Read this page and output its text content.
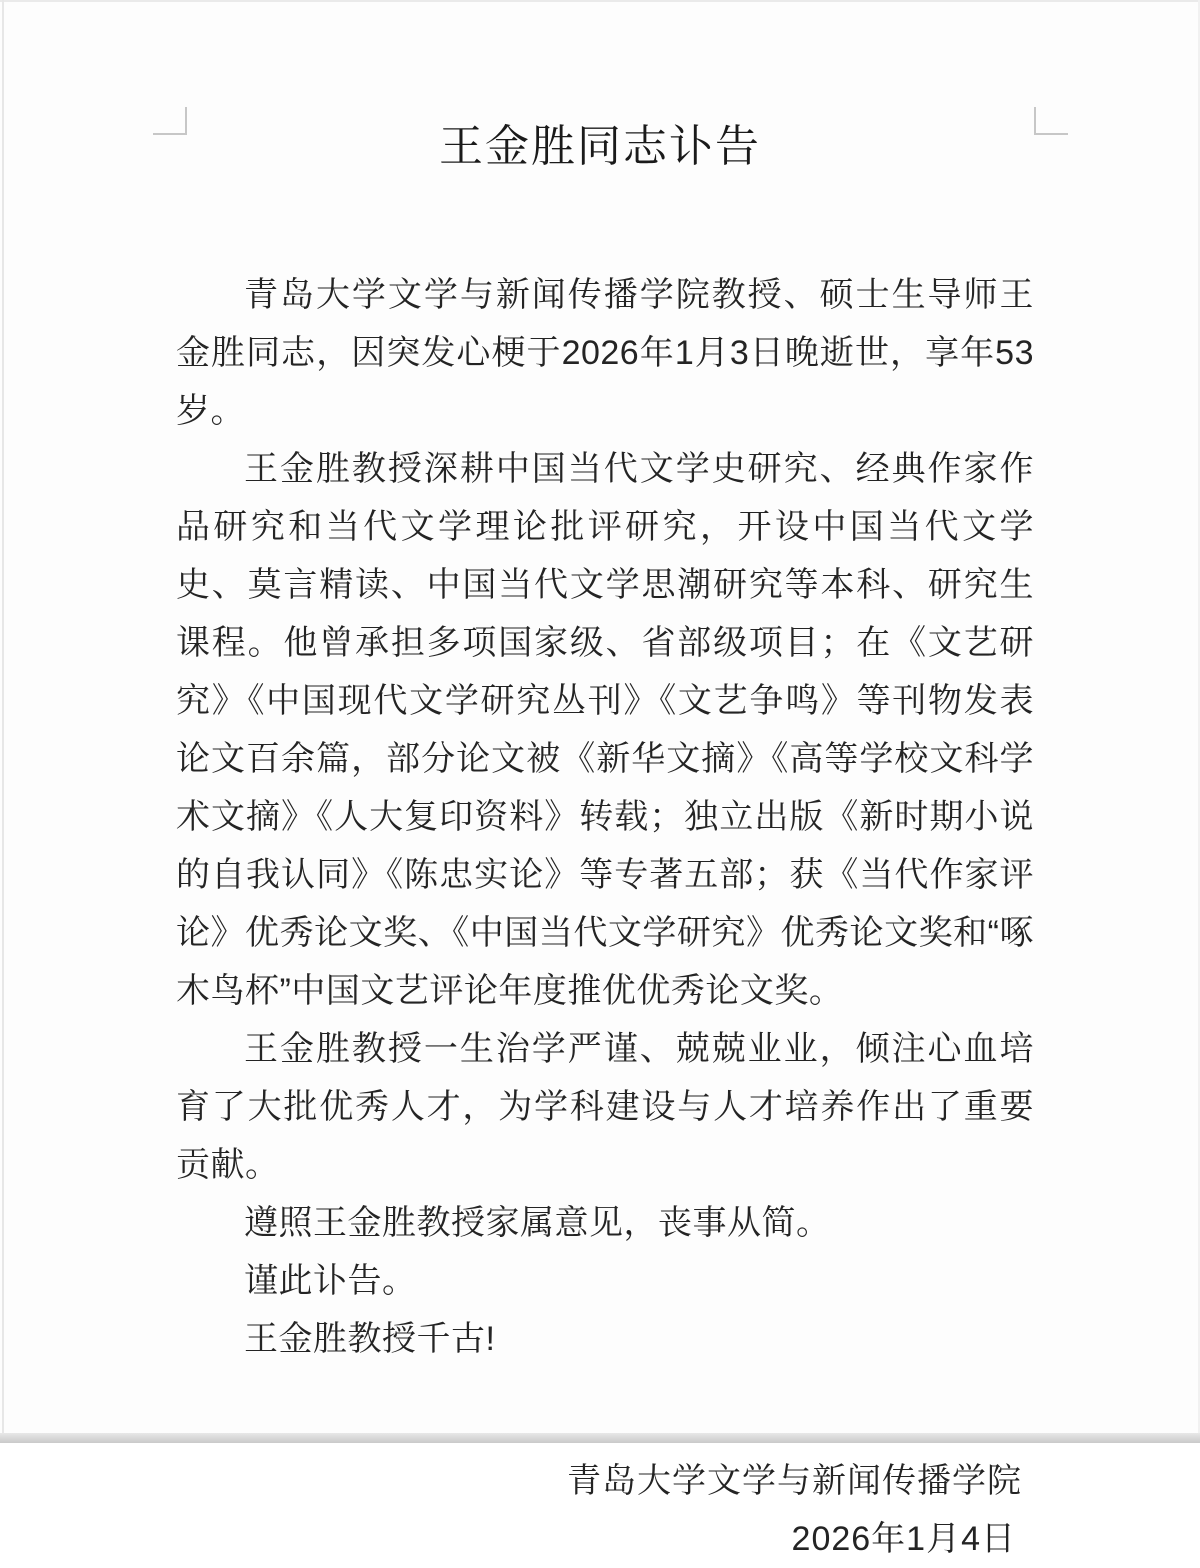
王金胜同志讣告

青岛大学文学与新闻传播学院教授、硕士生导师王金胜同志，因突发心梗于2026年1月3日晚逝世，享年53岁。

王金胜教授深耕中国当代文学史研究、经典作家作品研究和当代文学理论批评研究，开设中国当代文学史、莫言精读、中国当代文学思潮研究等本科、研究生课程。他曾承担多项国家级、省部级项目；在《文艺研究》《中国现代文学研究丛刊》《文艺争鸣》等刊物发表论文百余篇，部分论文被《新华文摘》《高等学校文科学术文摘》《人大复印资料》转载；独立出版《新时期小说的自我认同》《陈忠实论》等专著五部；获《当代作家评论》优秀论文奖、《中国当代文学研究》优秀论文奖和“啄木鸟杯”中国文艺评论年度推优优秀论文奖。

王金胜教授一生治学严谨、兢兢业业，倾注心血培育了大批优秀人才，为学科建设与人才培养作出了重要贡献。

遵照王金胜教授家属意见，丧事从简。

谨此讣告。

王金胜教授千古!

青岛大学文学与新闻传播学院
2026年1月4日
